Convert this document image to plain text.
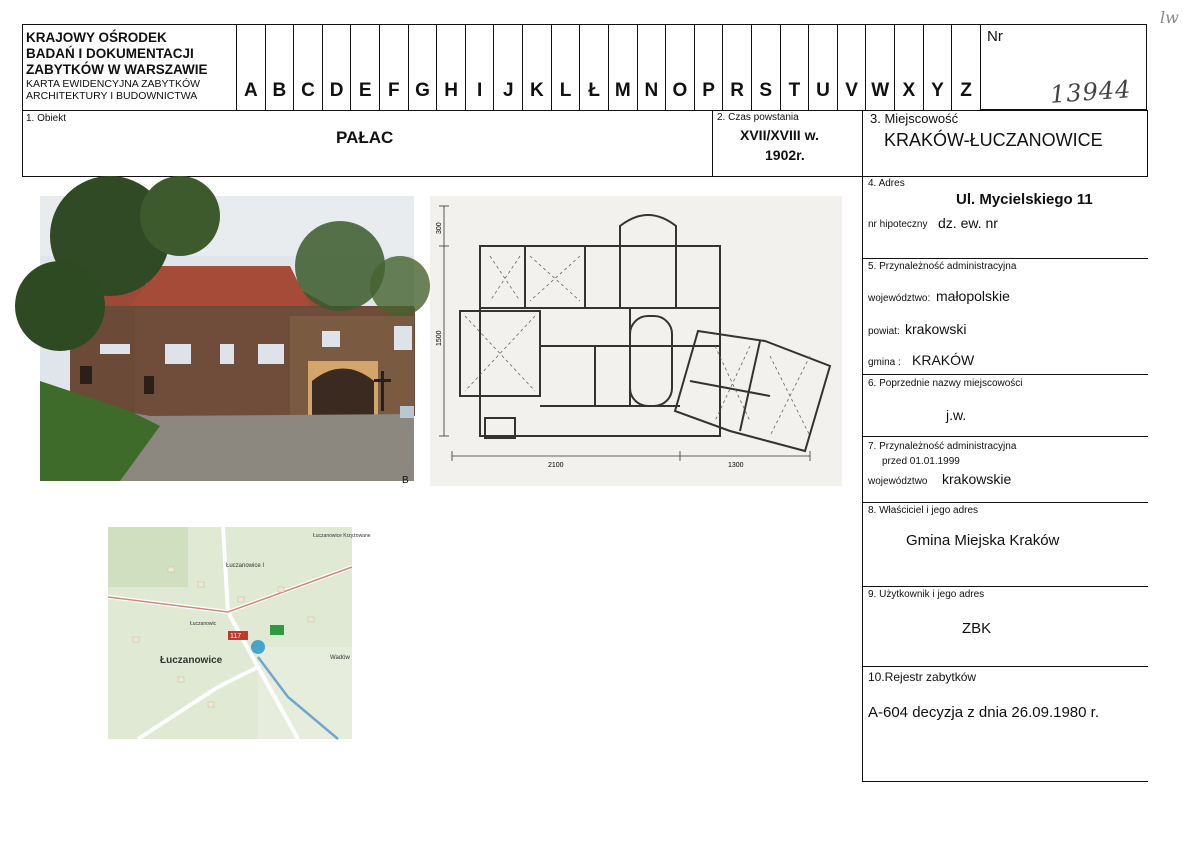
KRAJOWY OŚRODEK
BADAŃ I DOKUMENTACJI
ZABYTKÓW W WARSZAWIE
KARTA EWIDENCYJNA ZABYTKÓW
ARCHITEKTURY I BUDOWNICTWA	A B C D E F G H	I	J K L Ł M N O P R S T U V W X Y Z
Nr
13944
lw
1. Obiekt
PAŁAC
2. Czas powstania
XVII/XVIII w.
1902r.
3. Miejscowość
KRAKÓW-ŁUCZANOWICE
4. Adres
Ul. Mycielskiego 11
nr hipoteczny dz. ew. nr
5. Przynależność administracyjna
województwo: małopolskie
powiat: krakowski
gmina : KRAKÓW
6. Poprzednie nazwy miejscowości
j.w.
7. Przynależność administracyjna
przed 01.01.1999
województwo krakowskie
8. Właściciel i jego adres
Gmina Miejska Kraków
9. Użytkownik i jego adres
ZBK
10.Rejestr zabytków
A-604 decyzja z dnia 26.09.1980 r.
B
2100	1300
300
1500
117
Łuczanowice
Łuczanowice I
Łuczanowice Krzyżowane
Wadów
Łuczanowic
